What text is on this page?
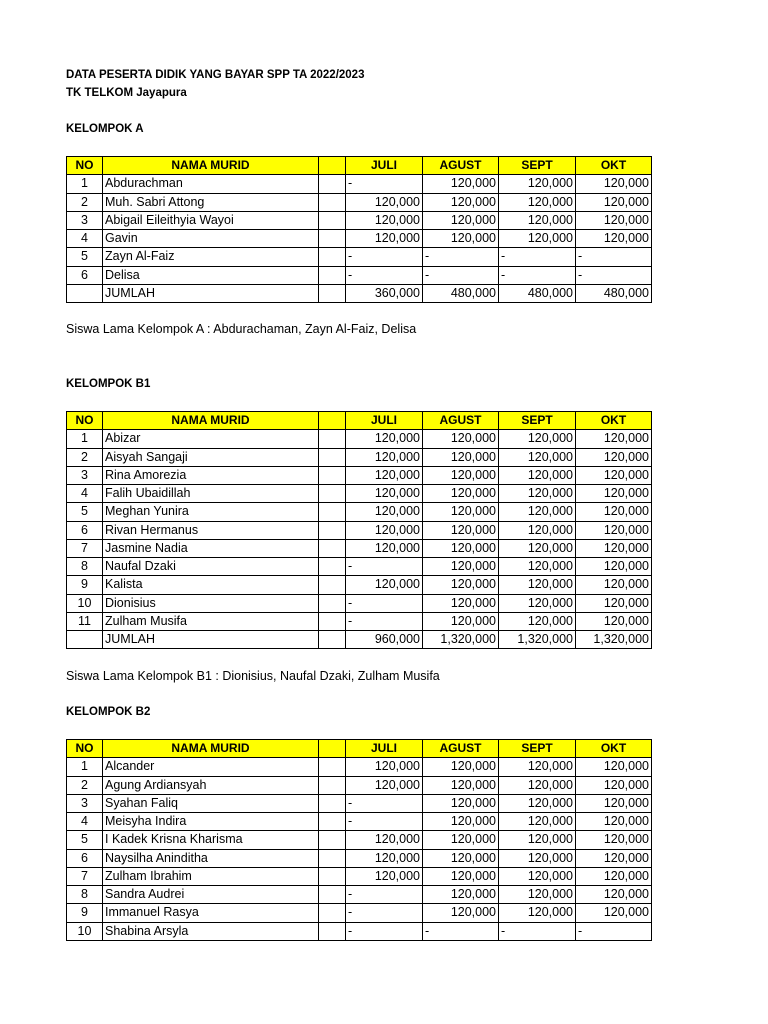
DATA PESERTA DIDIK YANG BAYAR SPP TA 2022/2023
TK TELKOM Jayapura
KELOMPOK A
NO	NAMA MURID		JULI	AGUST	SEPT	OKT
1	Abdurachman		-	120,000	120,000	120,000
2	Muh. Sabri Attong		120,000	120,000	120,000	120,000
3	Abigail Eileithyia Wayoi		120,000	120,000	120,000	120,000
4	Gavin		120,000	120,000	120,000	120,000
5	Zayn Al-Faiz		-	-	-	-
6	Delisa		-	-	-	-
	JUMLAH		360,000	480,000	480,000	480,000
Siswa Lama Kelompok A : Abdurachaman, Zayn Al-Faiz, Delisa
KELOMPOK B1
NO	NAMA MURID		JULI	AGUST	SEPT	OKT
1	Abizar		120,000	120,000	120,000	120,000
2	Aisyah Sangaji		120,000	120,000	120,000	120,000
3	Rina Amorezia		120,000	120,000	120,000	120,000
4	Falih Ubaidillah		120,000	120,000	120,000	120,000
5	Meghan Yunira		120,000	120,000	120,000	120,000
6	Rivan Hermanus		120,000	120,000	120,000	120,000
7	Jasmine Nadia		120,000	120,000	120,000	120,000
8	Naufal Dzaki		-	120,000	120,000	120,000
9	Kalista		120,000	120,000	120,000	120,000
10	Dionisius		-	120,000	120,000	120,000
11	Zulham Musifa		-	120,000	120,000	120,000
	JUMLAH		960,000	1,320,000	1,320,000	1,320,000
Siswa Lama Kelompok B1 : Dionisius, Naufal Dzaki, Zulham Musifa
KELOMPOK B2
NO	NAMA MURID		JULI	AGUST	SEPT	OKT
1	Alcander		120,000	120,000	120,000	120,000
2	Agung Ardiansyah		120,000	120,000	120,000	120,000
3	Syahan Faliq		-	120,000	120,000	120,000
4	Meisyha Indira		-	120,000	120,000	120,000
5	I Kadek Krisna Kharisma		120,000	120,000	120,000	120,000
6	Naysilha Aninditha		120,000	120,000	120,000	120,000
7	Zulham Ibrahim		120,000	120,000	120,000	120,000
8	Sandra Audrei		-	120,000	120,000	120,000
9	Immanuel Rasya		-	120,000	120,000	120,000
10	Shabina Arsyla		-	-	-	-
